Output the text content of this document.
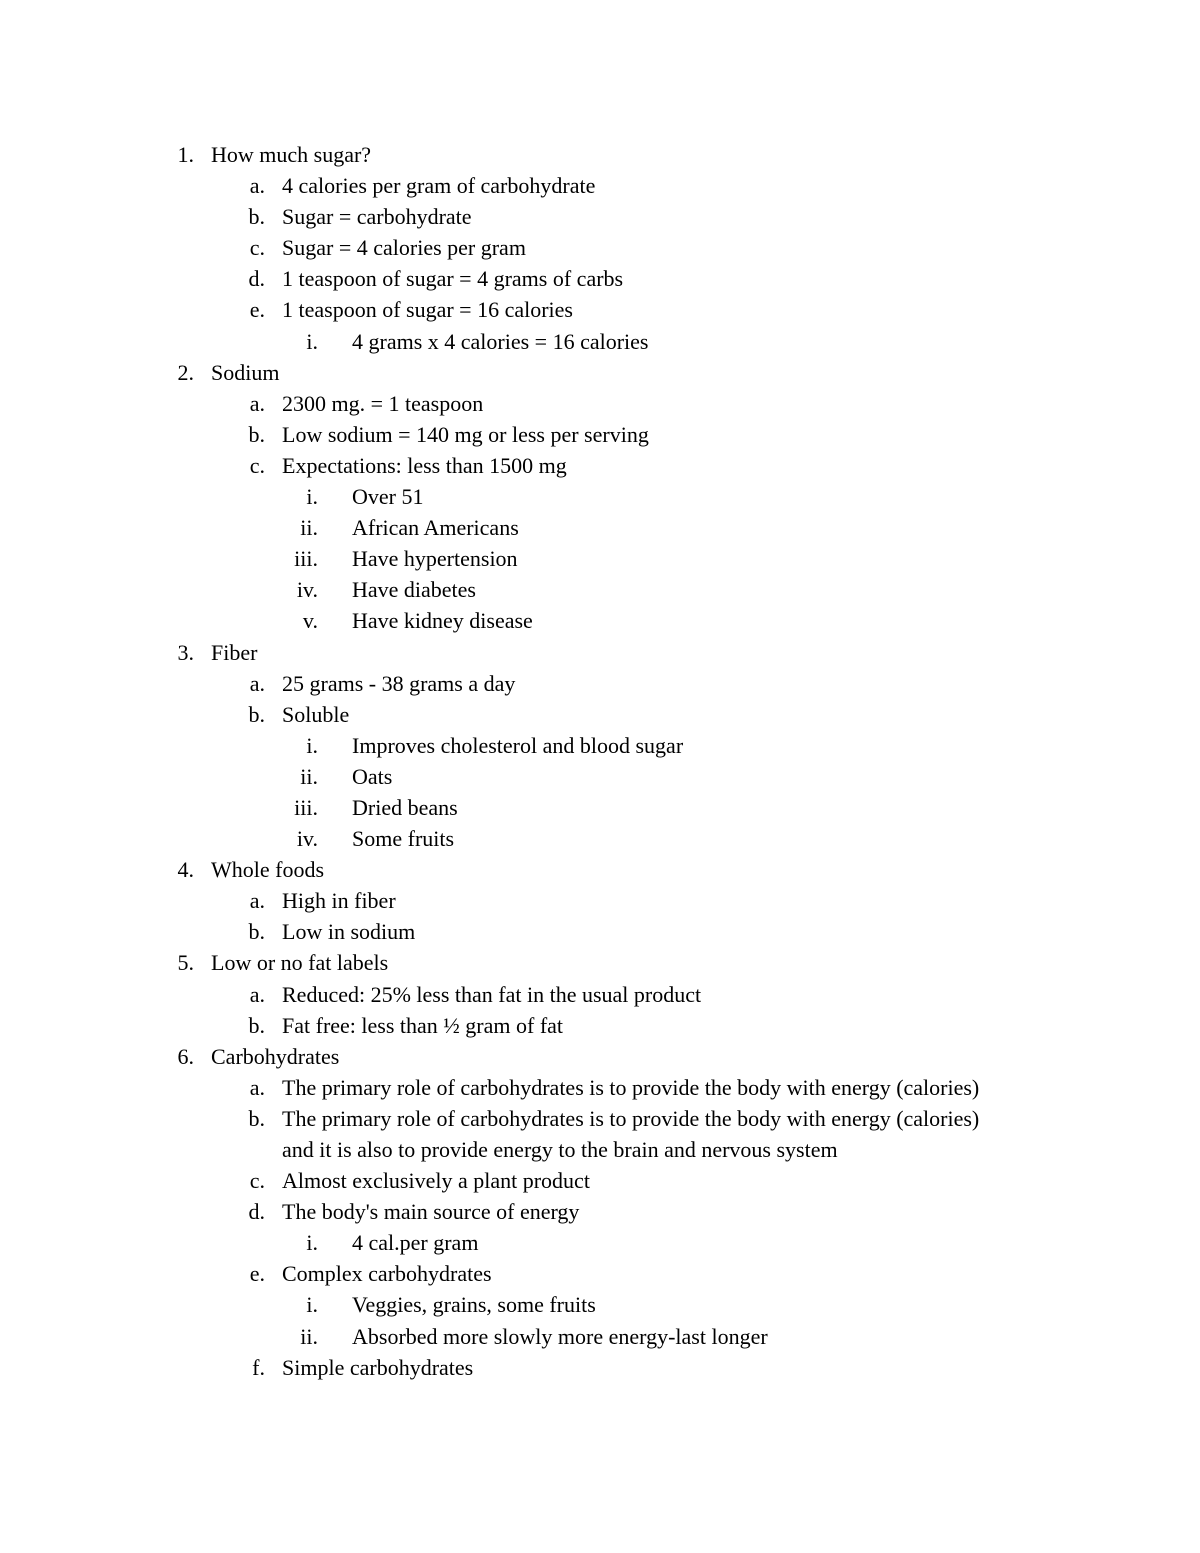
1. How much sugar?
a. 4 calories per gram of carbohydrate
b. Sugar = carbohydrate
c. Sugar = 4 calories per gram
d. 1 teaspoon of sugar = 4 grams of carbs
e. 1 teaspoon of sugar = 16 calories
i. 4 grams x 4 calories = 16 calories
2. Sodium
a. 2300 mg. = 1 teaspoon
b. Low sodium = 140 mg or less per serving
c. Expectations: less than 1500 mg
i. Over 51
ii. African Americans
iii. Have hypertension
iv. Have diabetes
v. Have kidney disease
3. Fiber
a. 25 grams - 38 grams a day
b. Soluble
i. Improves cholesterol and blood sugar
ii. Oats
iii. Dried beans
iv. Some fruits
4. Whole foods
a. High in fiber
b. Low in sodium
5. Low or no fat labels
a. Reduced: 25% less than fat in the usual product
b. Fat free: less than ½ gram of fat
6. Carbohydrates
a. The primary role of carbohydrates is to provide the body with energy (calories)
b. The primary role of carbohydrates is to provide the body with energy (calories)
and it is also to provide energy to the brain and nervous system
c. Almost exclusively a plant product
d. The body's main source of energy
i. 4 cal.per gram
e. Complex carbohydrates
i. Veggies, grains, some fruits
ii. Absorbed more slowly more energy-last longer
f. Simple carbohydrates
